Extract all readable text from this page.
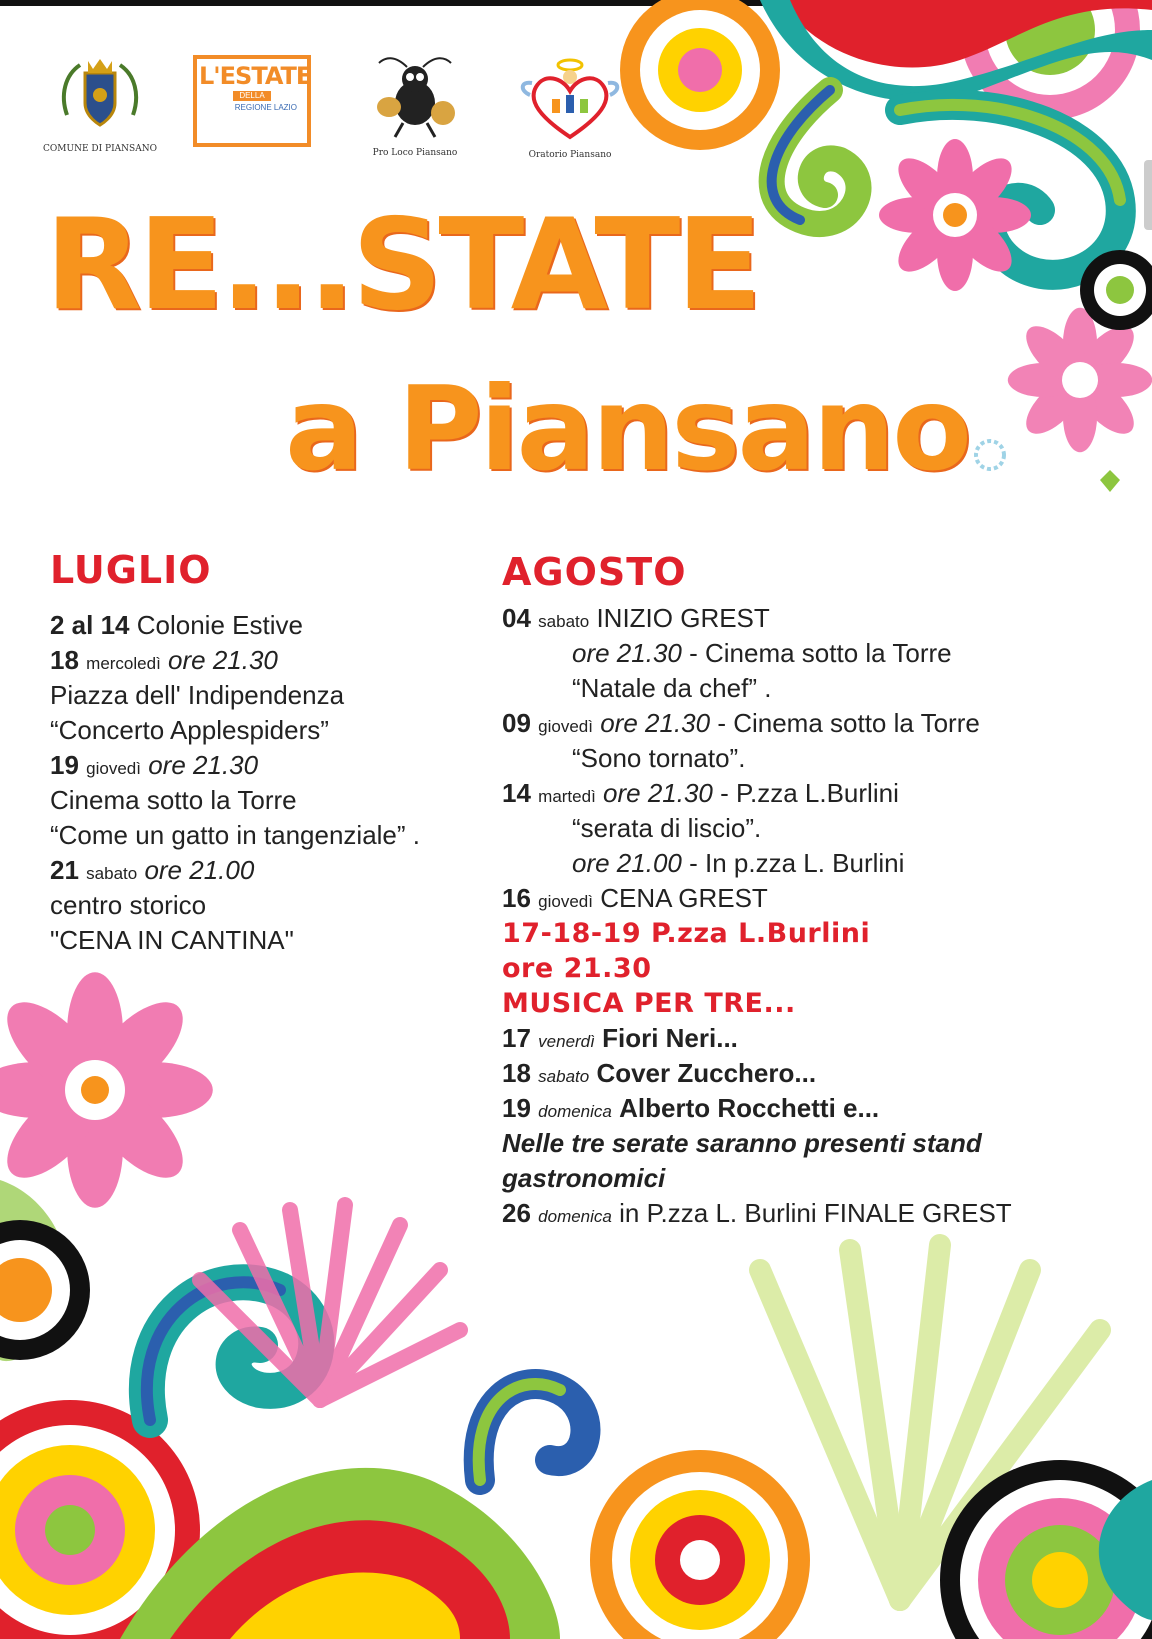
COMUNE DI PIANSANO
L'ESTATE
DELLA
REGIONE LAZIO
Pro Loco Piansano	Oratorio Piansano
RE...STATE
a Piansano
LUGLIO
2 al 14 Colonie Estive
18 mercoledì ore 21.30
Piazza dell' Indipendenza
“Concerto Applespiders”
19 giovedì ore 21.30
Cinema sotto la Torre
“Come un gatto in tangenziale” .
21 sabato ore 21.00
centro storico
"CENA IN CANTINA"
AGOSTO
04 sabato INIZIO GREST
ore 21.30 - Cinema sotto la Torre
“Natale da chef” .
09 giovedì ore 21.30 - Cinema sotto la Torre
“Sono tornato”.
14 martedì ore 21.30 - P.zza L.Burlini
“serata di liscio”.
ore 21.00 - In p.zza L. Burlini
16 giovedì CENA GREST
17-18-19 P.zza L.Burlini
ore 21.30
MUSICA PER TRE...
17 venerdì Fiori Neri...
18 sabato Cover Zucchero...
19 domenica Alberto Rocchetti e...
Nelle tre serate saranno presenti stand
gastronomici
26 domenica in P.zza L. Burlini FINALE GREST
